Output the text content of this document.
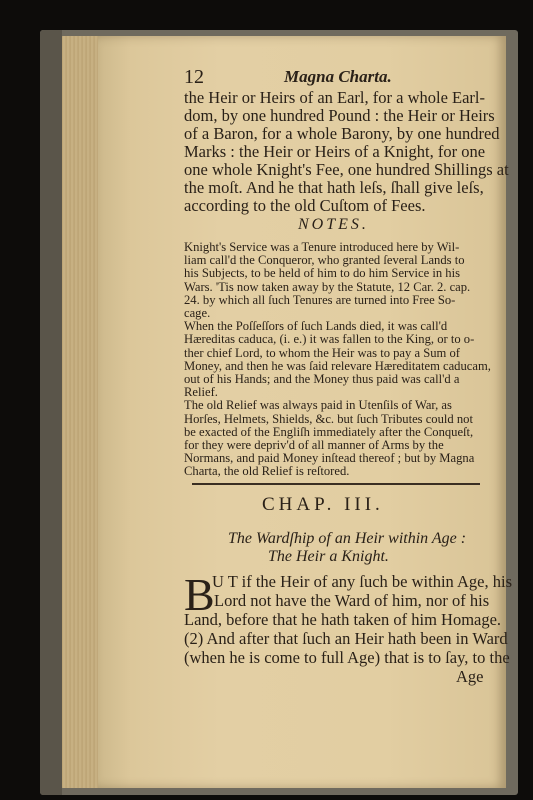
12	Magna Charta.
the Heir or Heirs of an Earl, for a whole Earl-
dom, by one hundred Pound : the Heir or Heirs
of a Baron, for a whole Barony, by one hundred
Marks : the Heir or Heirs of a Knight, for one
one whole Knight's Fee, one hundred Shillings at
NOTES.
Knight's Service was a Tenure introduced here by Wil-
liam call'd the Conqueror, who granted ſeveral Lands to
his Subjects, to be held of him to do him Service in his
Wars. 'Tis now taken away by the Statute, 12 Car. 2. cap.
24. by which all ſuch Tenures are turned into Free So-
cage.
When the Poſſeſſors of ſuch Lands died, it was call'd
Hæreditas caduca, (i. e.) it was fallen to the King, or to o-
ther chief Lord, to whom the Heir was to pay a Sum of
Money, and then he was ſaid relevare Hæreditatem caducam,
out of his Hands; and the Money thus paid was call'd a
Relief.
The old Relief was always paid in Utenſils of War, as
Horſes, Helmets, Shields, &c. but ſuch Tributes could not
be exacted of the Engliſh immediately after the Conqueſt,
for they were depriv'd of all manner of Arms by the
CHAP. III.
The Wardſhip of an Heir within Age :
The Heir a Knight.
B
U T if the Heir of any ſuch be within Age, his
Lord not have the Ward of him, nor of his
Land, before that he hath taken of him Homage.
(2) And after that ſuch an Heir hath been in Ward
(when he is come to full Age) that is to ſay, to the
Age
the moſt. And he that hath leſs, ſhall give leſs,
according to the old Cuſtom of Fees.
Normans, and paid Money inſtead thereof ; but by Magna
Charta, the old Relief is reſtored.
